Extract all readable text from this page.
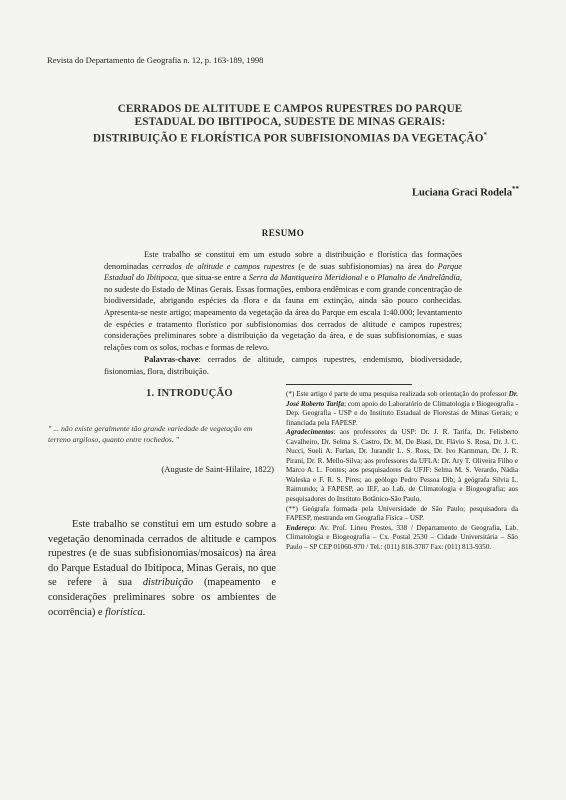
Revista do Departamento de Geografia n. 12, p. 163-189, 1998
CERRADOS DE ALTITUDE E CAMPOS RUPESTRES DO PARQUE
ESTADUAL DO IBITIPOCA, SUDESTE DE MINAS GERAIS:
DISTRIBUIÇÃO E FLORÍSTICA POR SUBFISIONOMIAS DA VEGETAÇÃO*
Luciana Graci Rodela**
RESUMO

Este trabalho se constitui em um estudo sobre a distribuição e florística das formações denominadas cerrados de altitude e campos rupestres (e de suas subfisionomias) na área do Parque Estadual do Ibitipoca, que situa-se entre a Serra da Mantiqueira Meridional e o Planalto de Andrelândia, no sudeste do Estado de Minas Gerais. Essas formações, embora endêmicas e com grande concentração de biodiversidade, abrigando espécies da flora e da fauna em extinção, ainda são pouco conhecidas. Apresenta-se neste artigo; mapeamento da vegetação da área do Parque em escala 1:40.000; levantamento de espécies e tratamento florístico por subfisionomias dos cerrados de altitude e campos rupestres; considerações preliminares sobre a distribuição da vegetação da área, e de suas subfisionomias, e suas relações com os solos, rochas e formas de relevo.

Palavras-chave: cerrados de altitude, campos rupestres, endemismo, biodiversidade, fisionomias, flora, distribuição.

1. INTRODUÇÃO
" ... não existe geralmente tão grande variedade de vegetação em terreno argiloso, quanto entre rochedos. "
(Auguste de Saint-Hilaire, 1822)

Este trabalho se constitui em um estudo sobre a vegetação denominada cerrados de altitude e campos rupestres (e de suas subfisionomias/mosaicos) na área do Parque Estadual do Ibitipoca, Minas Gerais, no que se refere à sua distribuição (mapeamento e considerações preliminares sobre os ambientes de ocorrência) e florística.

(*) Este artigo é parte de uma pesquisa realizada sob orientação do professor Dr. José Roberto Tarifa; com apoio do Laboratório de Climatologia e Biogeografia - Dep. Geografia - USP e do Instituto Estadual de Florestas de Minas Gerais; e financiada pela FAPESP.

Agradecimentos: aos professores da USP: Dr. J. R. Tarifa, Dr. Felisberto Cavalheiro, Dr. Selma S. Castro, Dr. M. De Biasi, Dr. Flávio S. Rosa, Dr. J. C. Nucci, Sueli A. Furlan, Dr. Jurandir L. S. Ross, Dr. Ivo Karmman, Dr. J. R. Pirani, Dr. R. Mello-Silva; aos professores da UFLA: Dr. Ary T. Oliveira Filho e Marco A. L. Fontes; aos pesquisadores da UFJF: Selma M. S. Verardo, Nádia Waleska e F. R. S. Pires; ao geólogo Pedro Pessoa Dib; à geógrafa Silvia L. Raimundo; à FAPESP, ao IEF, ao Lab. de Climatologia e Biogeografia; aos pesquisadores do Instituto Botânico-São Paulo.

(**) Geógrafa formada pela Universidade de São Paulo; pesquisadora da FAPESP, mestranda em Geografia Física – USP.

Endereço: Av. Prof. Lineu Prestes, 338 / Departamento de Geografia, Lab. Climatologia e Biogeografia – Cx. Postal 2530 – Cidade Universitária – São Paulo – SP CEP 01060-970 / Tel.: (011) 818-3787 Fax: (011) 813-9350.
